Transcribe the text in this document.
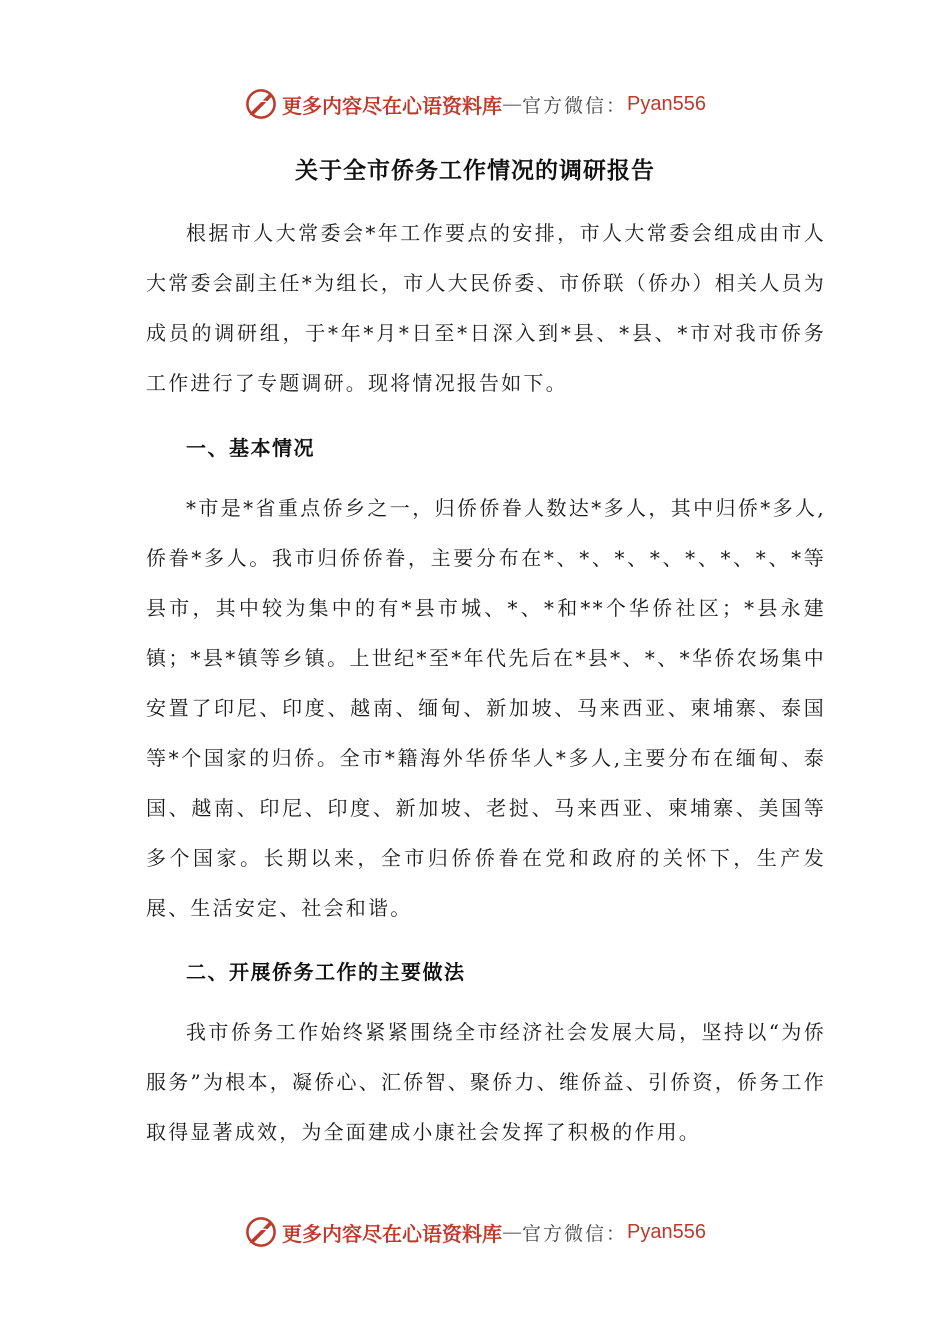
更多内容尽在心语资料库 — 官方微信： Pyan556
关于全市侨务工作情况的调研报告

根据市人大常委会*年工作要点的安排，市人大常委会组成由市人大常委会副主任*为组长，市人大民侨委、市侨联（侨办）相关人员为成员的调研组，于*年*月*日至*日深入到*县、*县、*市对我市侨务工作进行了专题调研。现将情况报告如下。

一、基本情况

*市是*省重点侨乡之一，归侨侨眷人数达*多人，其中归侨*多人,侨眷*多人。我市归侨侨眷，主要分布在*、*、*、*、*、*、*、*等县市，其中较为集中的有*县市城、*、*和**个华侨社区；*县永建镇；*县*镇等乡镇。上世纪*至*年代先后在*县*、*、*华侨农场集中安置了印尼、印度、越南、缅甸、新加坡、马来西亚、柬埔寨、泰国等*个国家的归侨。全市*籍海外华侨华人*多人,主要分布在缅甸、泰国、越南、印尼、印度、新加坡、老挝、马来西亚、柬埔寨、美国等多个国家。长期以来，全市归侨侨眷在党和政府的关怀下，生产发展、生活安定、社会和谐。

二、开展侨务工作的主要做法

我市侨务工作始终紧紧围绕全市经济社会发展大局，坚持以“为侨服务”为根本，凝侨心、汇侨智、聚侨力、维侨益、引侨资，侨务工作取得显著成效，为全面建成小康社会发挥了积极的作用。

更多内容尽在心语资料库 — 官方微信： Pyan556
